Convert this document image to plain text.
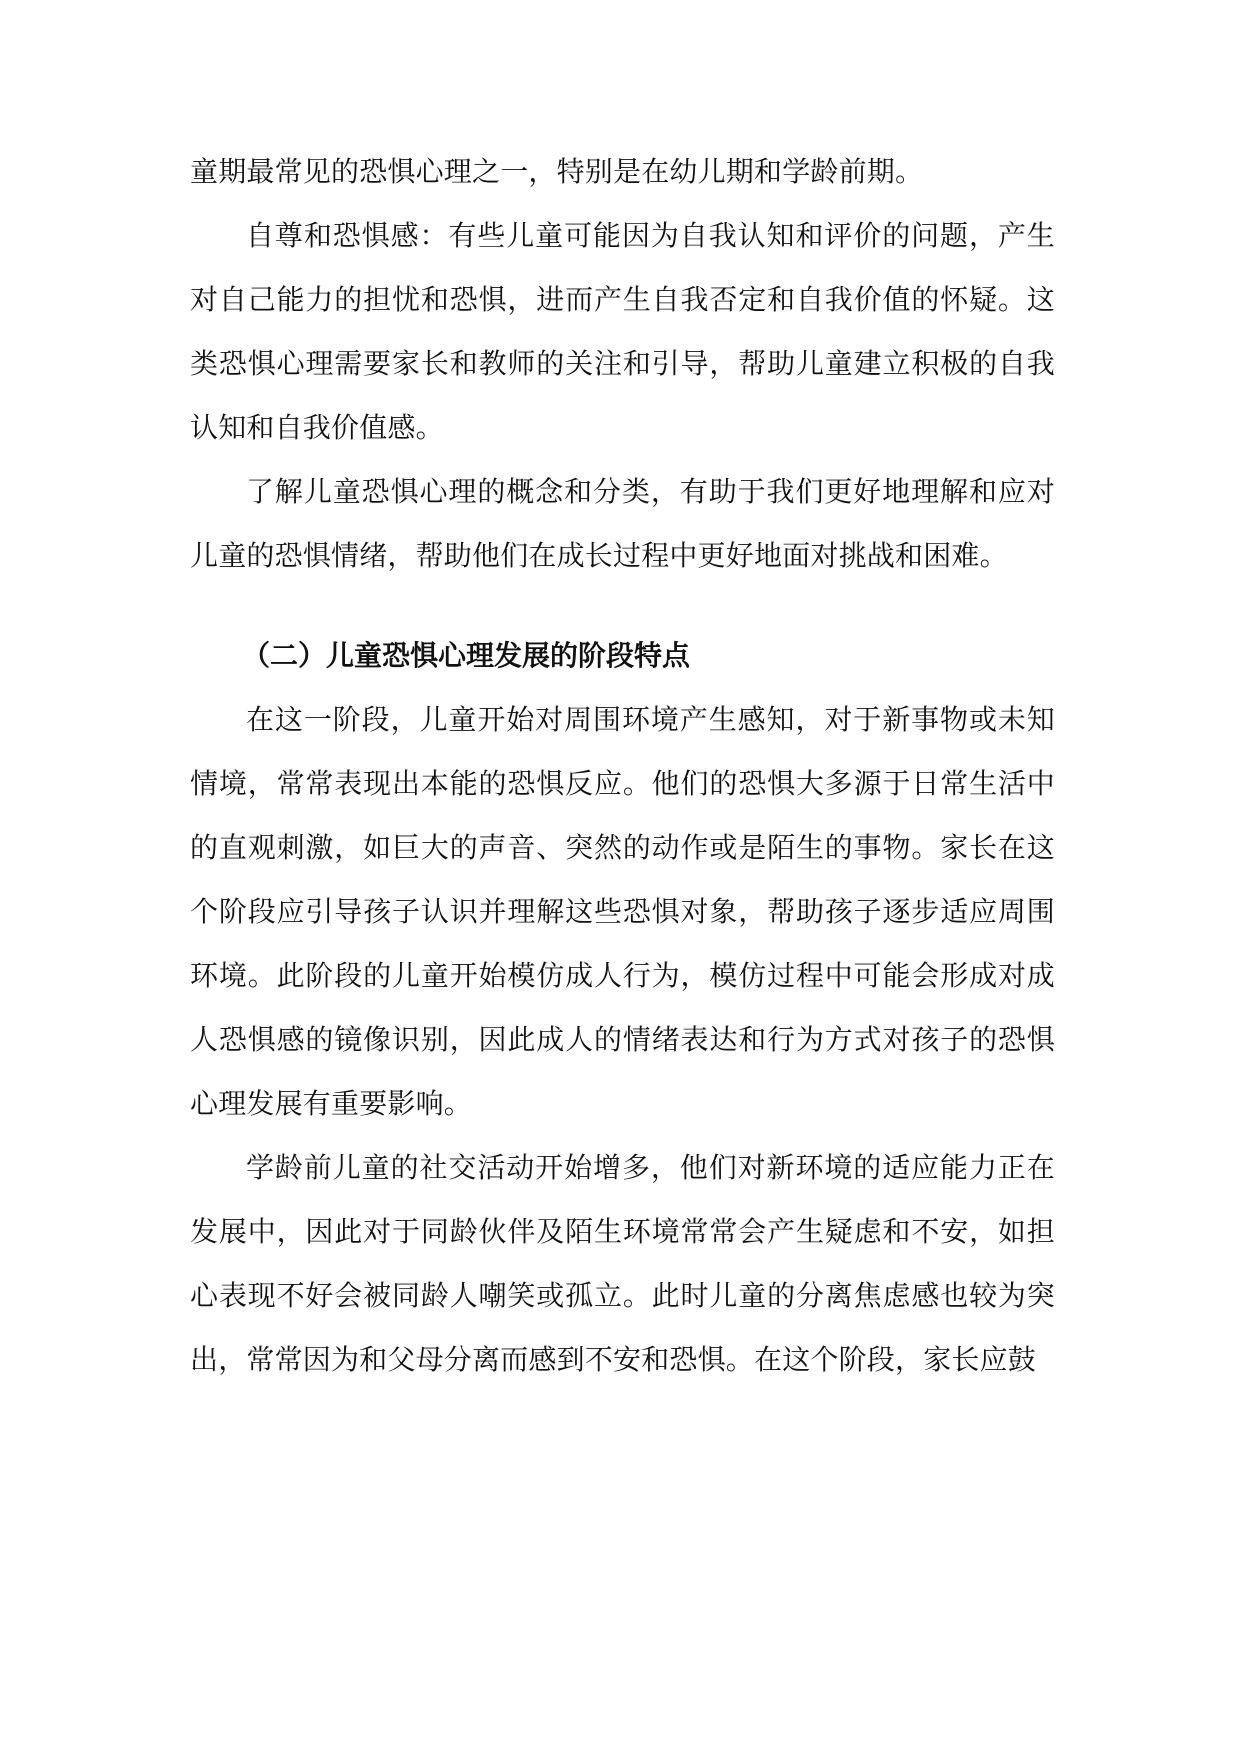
童期最常见的恐惧心理之一，特别是在幼儿期和学龄前期。

自尊和恐惧感：有些儿童可能因为自我认知和评价的问题，产生对自己能力的担忧和恐惧，进而产生自我否定和自我价值的怀疑。这类恐惧心理需要家长和教师的关注和引导，帮助儿童建立积极的自我认知和自我价值感。

了解儿童恐惧心理的概念和分类，有助于我们更好地理解和应对儿童的恐惧情绪，帮助他们在成长过程中更好地面对挑战和困难。

（二）儿童恐惧心理发展的阶段特点

在这一阶段，儿童开始对周围环境产生感知，对于新事物或未知情境，常常表现出本能的恐惧反应。他们的恐惧大多源于日常生活中的直观刺激，如巨大的声音、突然的动作或是陌生的事物。家长在这个阶段应引导孩子认识并理解这些恐惧对象，帮助孩子逐步适应周围环境。此阶段的儿童开始模仿成人行为，模仿过程中可能会形成对成人恐惧感的镜像识别，因此成人的情绪表达和行为方式对孩子的恐惧心理发展有重要影响。

学龄前儿童的社交活动开始增多，他们对新环境的适应能力正在发展中，因此对于同龄伙伴及陌生环境常常会产生疑虑和不安，如担心表现不好会被同龄人嘲笑或孤立。此时儿童的分离焦虑感也较为突出，常常因为和父母分离而感到不安和恐惧。在这个阶段，家长应鼓
